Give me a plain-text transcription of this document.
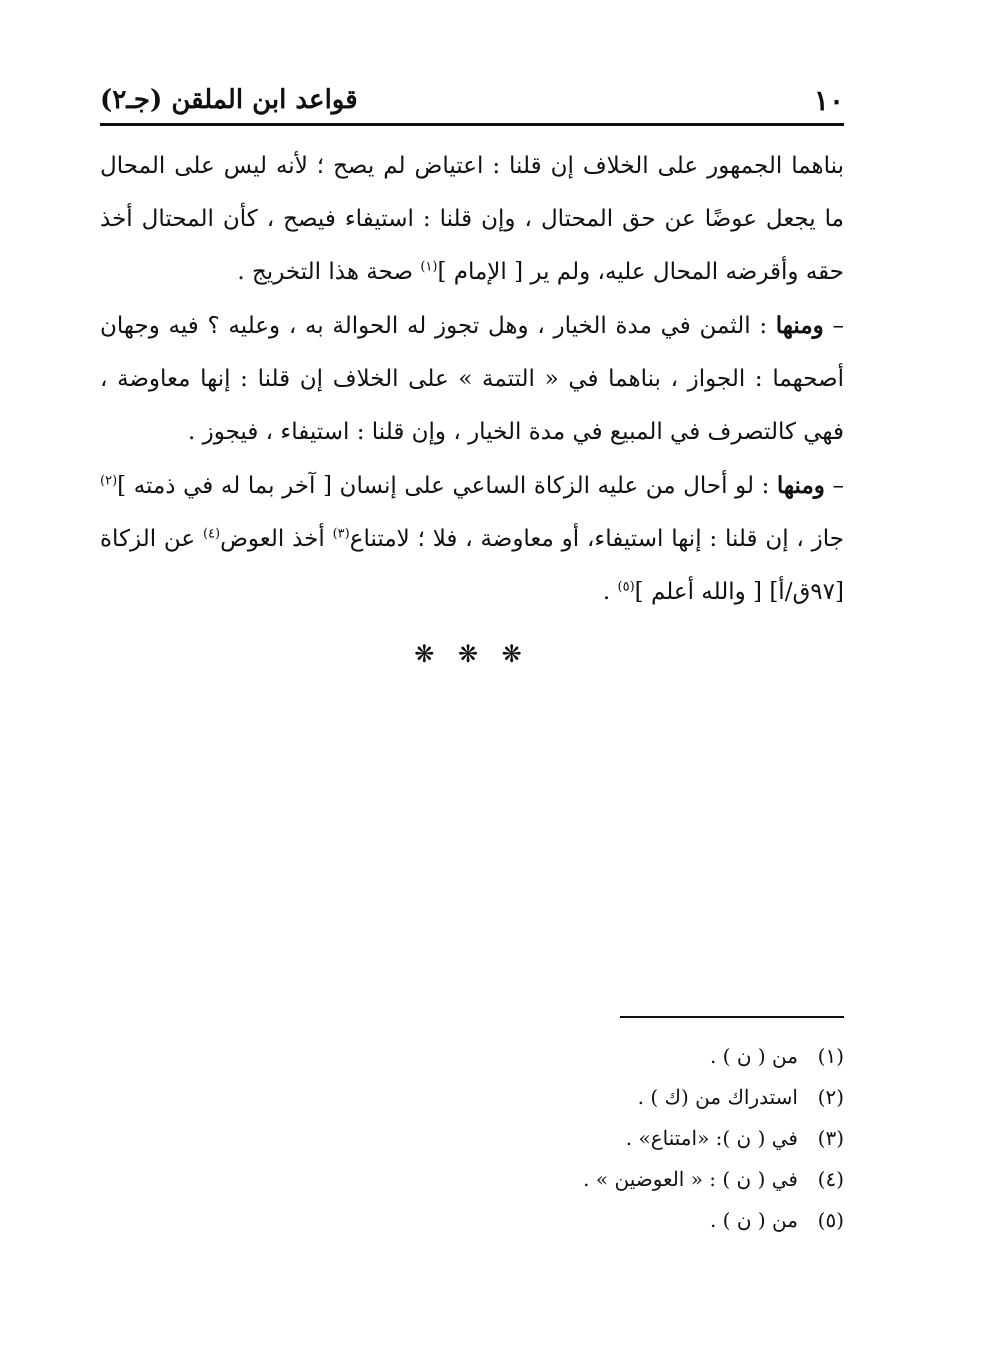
١٠
قواعد ابن الملقن (جـ٢)

بناهما الجمهور على الخلاف إن قلنا : اعتياض لم يصح ؛ لأنه ليس على المحال ما يجعل عوضًا عن حق المحتال ، وإن قلنا : استيفاء فيصح ، كأن المحتال أخذ حقه وأقرضه المحال عليه، ولم ير [ الإمام ]$^{(١)}$ صحة هذا التخريج .

– ومنها : الثمن في مدة الخيار ، وهل تجوز له الحوالة به ، وعليه ؟ فيه وجهان أصحهما : الجواز ، بناهما في « التتمة » على الخلاف إن قلنا : إنها معاوضة ، فهي كالتصرف في المبيع في مدة الخيار ، وإن قلنا : استيفاء ، فيجوز .

– ومنها : لو أحال من عليه الزكاة الساعي على إنسان [ آخر بما له في ذمته ]$^{(٢)}$ جاز ، إن قلنا : إنها استيفاء، أو معاوضة ، فلا ؛ لامتناع$^{(٣)}$ أخذ العوض$^{(٤)}$ عن الزكاة [٩٧ق/أ] [ والله أعلم ]$^{(٥)}$ .

❋ ❋ ❋
(١)
من ( ن ) .
(٢)
استدراك من (ك ) .
(٣)
في ( ن ): «امتناع» .
(٤)
في ( ن ) : « العوضين » .
(٥)
من ( ن ) .
